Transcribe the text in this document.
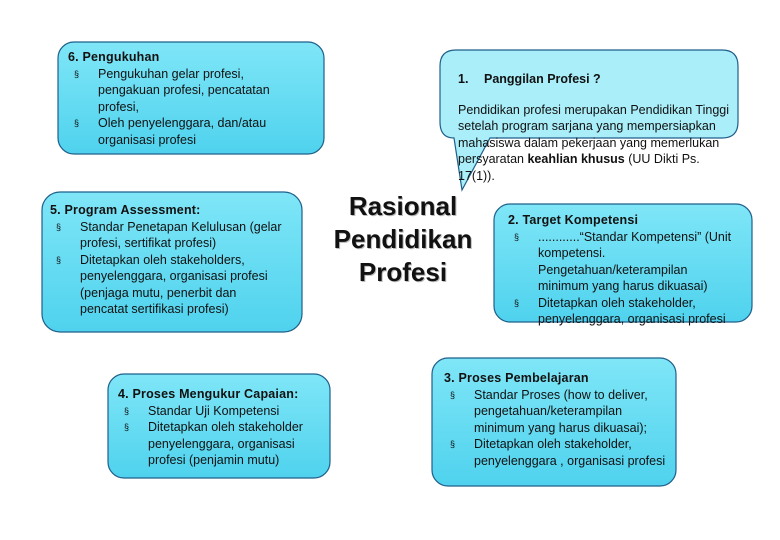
6. Pengukuhan
§ Pengukuhan gelar profesi, pengakuan profesi, pencatatan profesi,
§ Oleh penyelenggara, dan/atau organisasi profesi
1. Panggilan Profesi ?
Pendidikan profesi merupakan Pendidikan Tinggi setelah program sarjana yang mempersiapkan mahasiswa dalam pekerjaan yang memerlukan persyaratan keahlian khusus (UU Dikti Ps. 17(1)).
5. Program Assessment:
§ Standar Penetapan Kelulusan (gelar profesi, sertifikat profesi)
§ Ditetapkan oleh stakeholders, penyelenggara, organisasi profesi (penjaga mutu, penerbit dan pencatat sertifikasi profesi)
Rasional
Pendidikan
Profesi
2. Target Kompetensi
§ ............“Standar Kompetensi” (Unit kompetensi. Pengetahuan/keterampilan minimum yang harus dikuasai)
§ Ditetapkan oleh stakeholder, penyelenggara, organisasi profesi
4. Proses Mengukur Capaian:
§ Standar Uji Kompetensi
§ Ditetapkan oleh stakeholder penyelenggara, organisasi profesi (penjamin mutu)
3. Proses Pembelajaran
§ Standar Proses (how to deliver, pengetahuan/keterampilan minimum yang harus dikuasai);
§ Ditetapkan oleh stakeholder, penyelenggara , organisasi profesi
